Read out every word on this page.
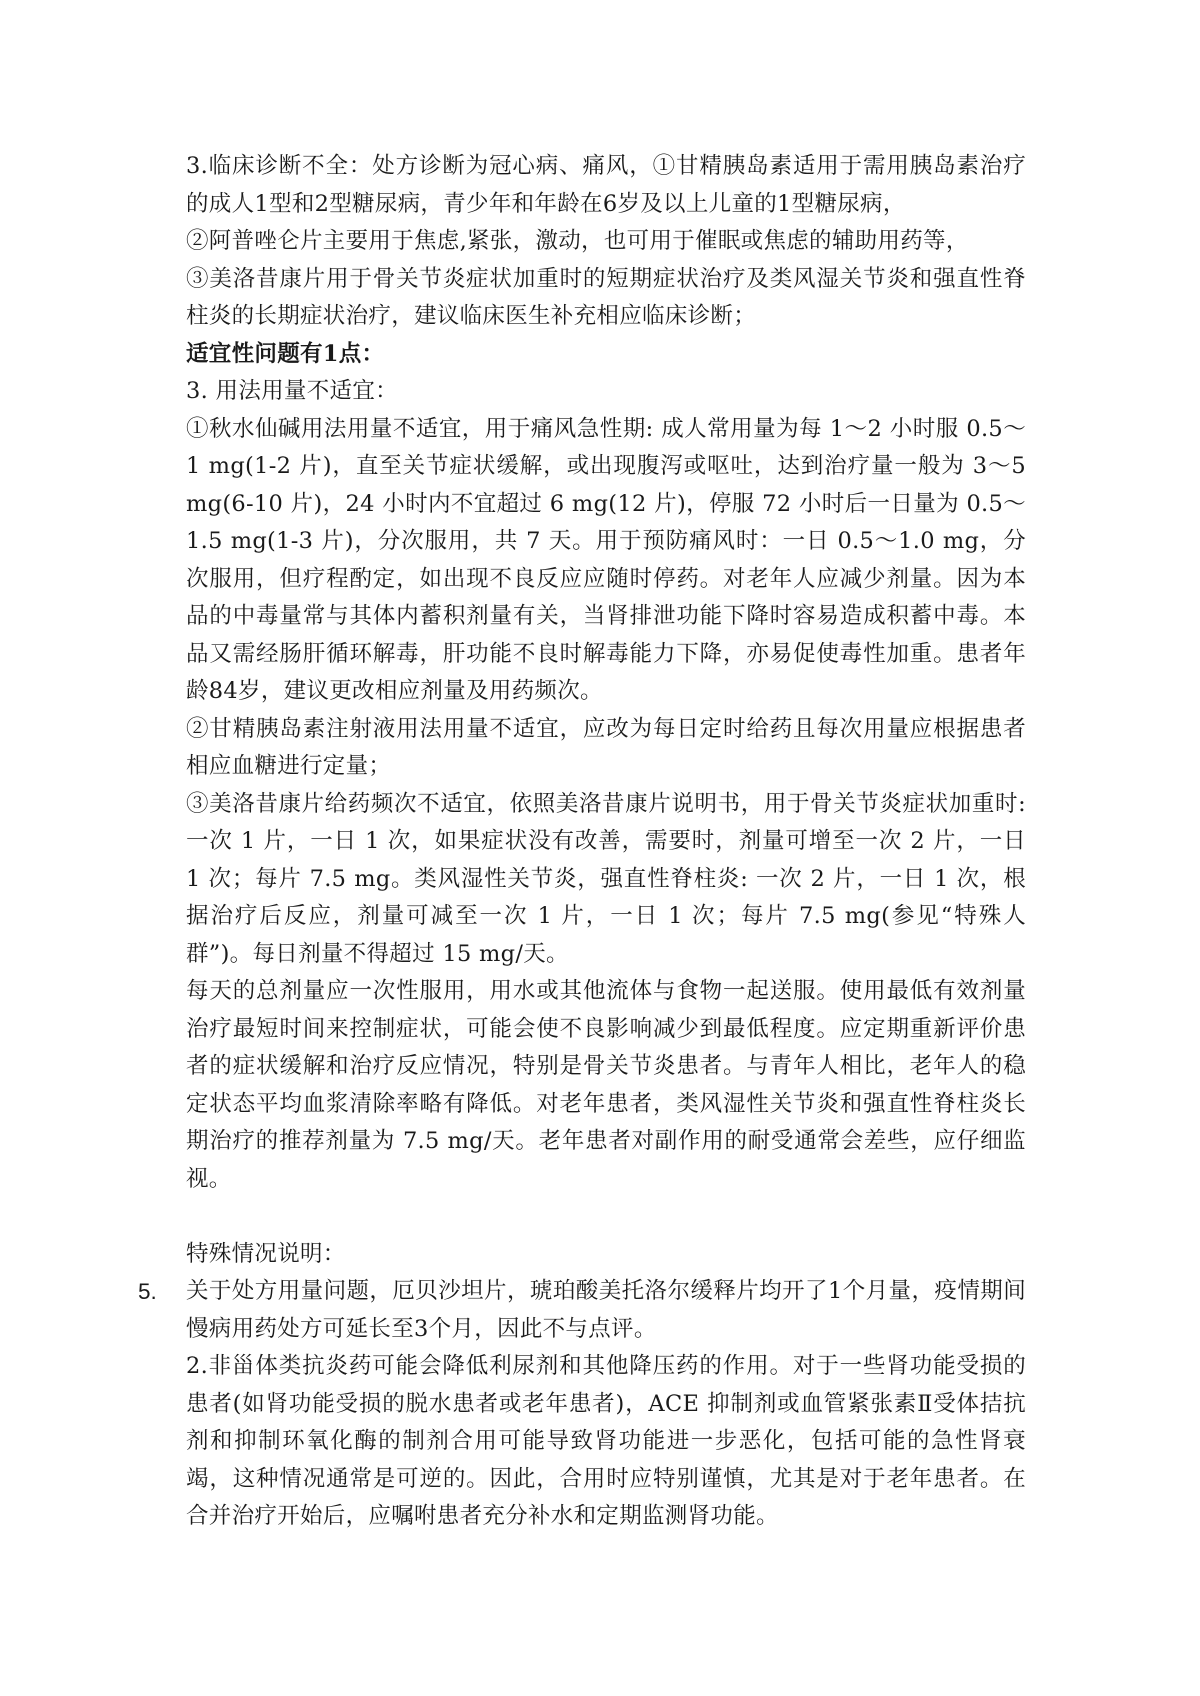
3.临床诊断不全：处方诊断为冠心病、痛风，①甘精胰岛素适用于需用胰岛素治疗的成人1型和2型糖尿病，青少年和年龄在6岁及以上儿童的1型糖尿病，

②阿普唑仑片主要用于焦虑,紧张，激动，也可用于催眠或焦虑的辅助用药等，

③美洛昔康片用于骨关节炎症状加重时的短期症状治疗及类风湿关节炎和强直性脊柱炎的长期症状治疗，建议临床医生补充相应临床诊断；

适宜性问题有1点：

3. 用法用量不适宜：

①秋水仙碱用法用量不适宜，用于痛风急性期: 成人常用量为每 1～2 小时服 0.5～1 mg(1-2 片)，直至关节症状缓解，或出现腹泻或呕吐，达到治疗量一般为 3～5 mg(6-10 片)，24 小时内不宜超过 6 mg(12 片)，停服 72 小时后一日量为 0.5～1.5 mg(1-3 片)，分次服用，共 7 天。用于预防痛风时：一日 0.5～1.0 mg，分次服用，但疗程酌定，如出现不良反应应随时停药。对老年人应减少剂量。因为本品的中毒量常与其体内蓄积剂量有关，当肾排泄功能下降时容易造成积蓄中毒。本品又需经肠肝循环解毒，肝功能不良时解毒能力下降，亦易促使毒性加重。患者年龄84岁，建议更改相应剂量及用药频次。

②甘精胰岛素注射液用法用量不适宜，应改为每日定时给药且每次用量应根据患者相应血糖进行定量；

③美洛昔康片给药频次不适宜，依照美洛昔康片说明书，用于骨关节炎症状加重时: 一次 1 片，一日 1 次，如果症状没有改善，需要时，剂量可增至一次 2 片，一日 1 次；每片 7.5 mg。类风湿性关节炎，强直性脊柱炎: 一次 2 片，一日 1 次，根据治疗后反应，剂量可减至一次 1 片，一日 1 次；每片 7.5 mg(参见“特殊人群”)。每日剂量不得超过 15 mg/天。

每天的总剂量应一次性服用，用水或其他流体与食物一起送服。使用最低有效剂量治疗最短时间来控制症状，可能会使不良影响减少到最低程度。应定期重新评价患者的症状缓解和治疗反应情况，特别是骨关节炎患者。与青年人相比，老年人的稳定状态平均血浆清除率略有降低。对老年患者，类风湿性关节炎和强直性脊柱炎长期治疗的推荐剂量为 7.5 mg/天。老年患者对副作用的耐受通常会差些，应仔细监视。

特殊情况说明：

5. 关于处方用量问题，厄贝沙坦片，琥珀酸美托洛尔缓释片均开了1个月量，疫情期间慢病用药处方可延长至3个月，因此不与点评。

2.非甾体类抗炎药可能会降低利尿剂和其他降压药的作用。对于一些肾功能受损的患者(如肾功能受损的脱水患者或老年患者)，ACE 抑制剂或血管紧张素Ⅱ受体拮抗剂和抑制环氧化酶的制剂合用可能导致肾功能进一步恶化，包括可能的急性肾衰竭，这种情况通常是可逆的。因此，合用时应特别谨慎，尤其是对于老年患者。在合并治疗开始后，应嘱咐患者充分补水和定期监测肾功能。
